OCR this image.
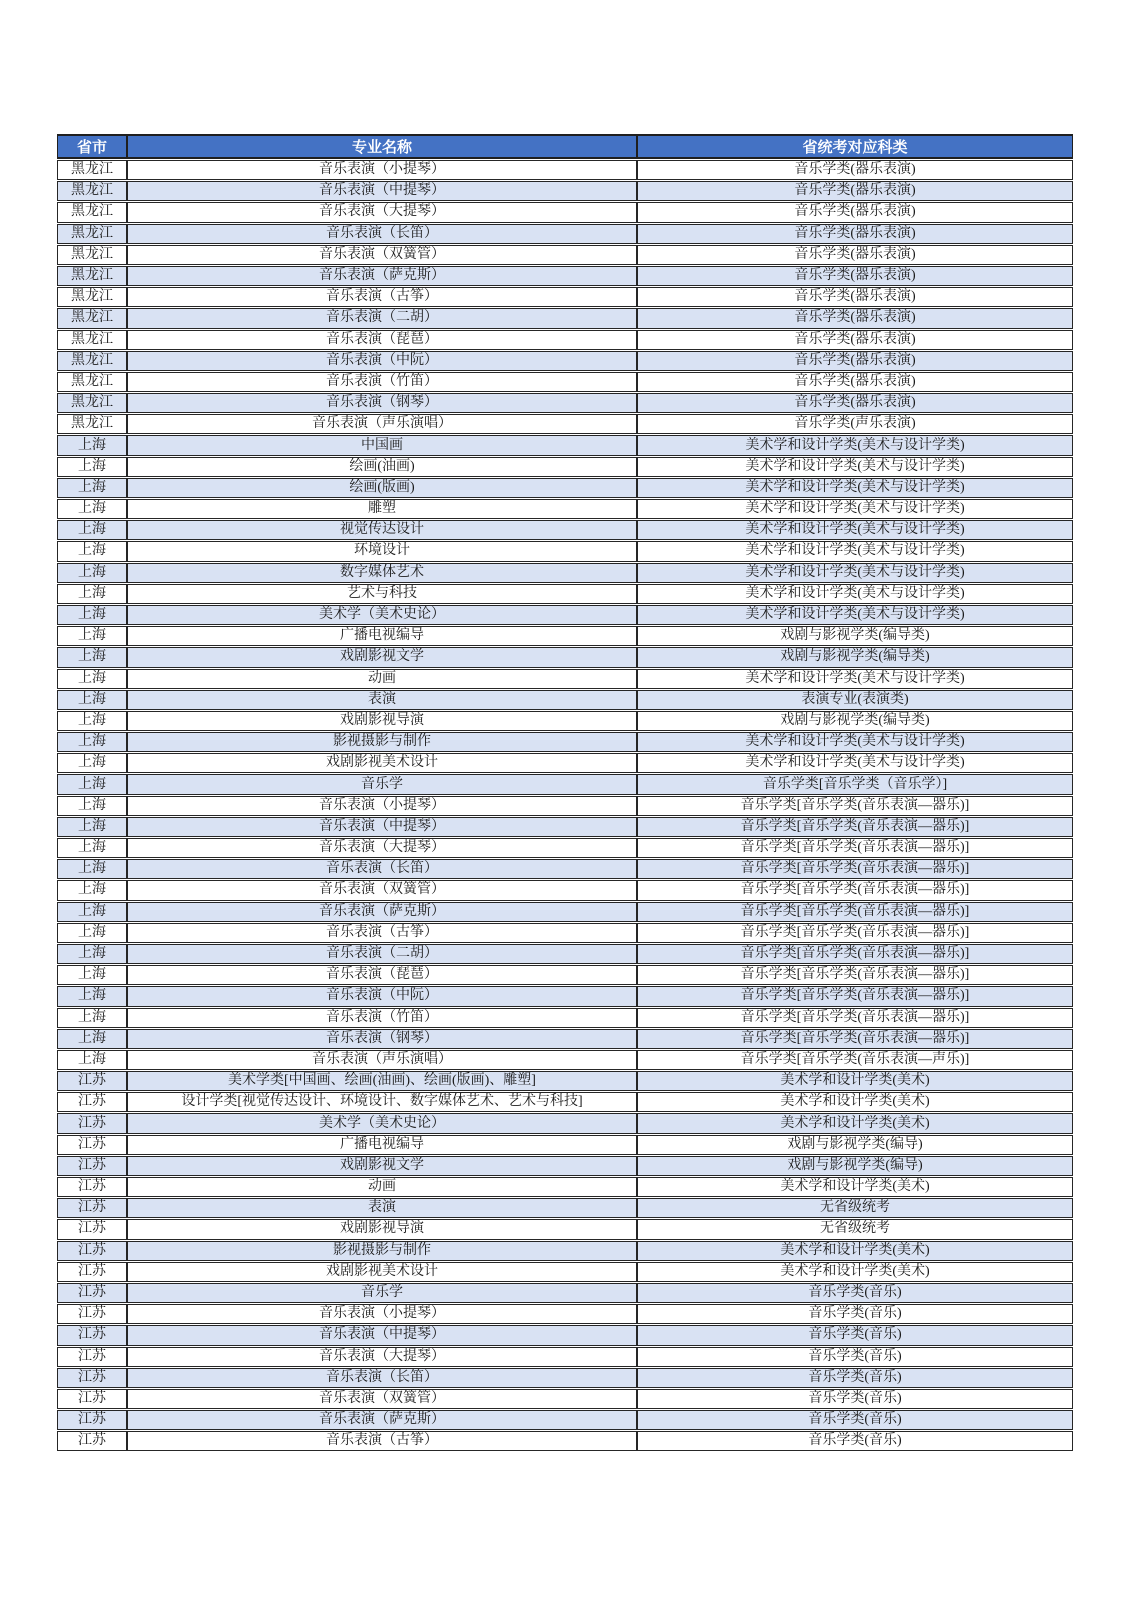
省市	专业名称	省统考对应科类
黑龙江	音乐表演（小提琴）	音乐学类(器乐表演)
黑龙江	音乐表演（中提琴）	音乐学类(器乐表演)
黑龙江	音乐表演（大提琴）	音乐学类(器乐表演)
黑龙江	音乐表演（长笛）	音乐学类(器乐表演)
黑龙江	音乐表演（双簧管）	音乐学类(器乐表演)
黑龙江	音乐表演（萨克斯）	音乐学类(器乐表演)
黑龙江	音乐表演（古筝）	音乐学类(器乐表演)
黑龙江	音乐表演（二胡）	音乐学类(器乐表演)
黑龙江	音乐表演（琵琶）	音乐学类(器乐表演)
黑龙江	音乐表演（中阮）	音乐学类(器乐表演)
黑龙江	音乐表演（竹笛）	音乐学类(器乐表演)
黑龙江	音乐表演（钢琴）	音乐学类(器乐表演)
黑龙江	音乐表演（声乐演唱）	音乐学类(声乐表演)
上海	中国画	美术学和设计学类(美术与设计学类)
上海	绘画(油画)	美术学和设计学类(美术与设计学类)
上海	绘画(版画)	美术学和设计学类(美术与设计学类)
上海	雕塑	美术学和设计学类(美术与设计学类)
上海	视觉传达设计	美术学和设计学类(美术与设计学类)
上海	环境设计	美术学和设计学类(美术与设计学类)
上海	数字媒体艺术	美术学和设计学类(美术与设计学类)
上海	艺术与科技	美术学和设计学类(美术与设计学类)
上海	美术学（美术史论）	美术学和设计学类(美术与设计学类)
上海	广播电视编导	戏剧与影视学类(编导类)
上海	戏剧影视文学	戏剧与影视学类(编导类)
上海	动画	美术学和设计学类(美术与设计学类)
上海	表演	表演专业(表演类)
上海	戏剧影视导演	戏剧与影视学类(编导类)
上海	影视摄影与制作	美术学和设计学类(美术与设计学类)
上海	戏剧影视美术设计	美术学和设计学类(美术与设计学类)
上海	音乐学	音乐学类[音乐学类（音乐学）]
上海	音乐表演（小提琴）	音乐学类[音乐学类(音乐表演—器乐)]
上海	音乐表演（中提琴）	音乐学类[音乐学类(音乐表演—器乐)]
上海	音乐表演（大提琴）	音乐学类[音乐学类(音乐表演—器乐)]
上海	音乐表演（长笛）	音乐学类[音乐学类(音乐表演—器乐)]
上海	音乐表演（双簧管）	音乐学类[音乐学类(音乐表演—器乐)]
上海	音乐表演（萨克斯）	音乐学类[音乐学类(音乐表演—器乐)]
上海	音乐表演（古筝）	音乐学类[音乐学类(音乐表演—器乐)]
上海	音乐表演（二胡）	音乐学类[音乐学类(音乐表演—器乐)]
上海	音乐表演（琵琶）	音乐学类[音乐学类(音乐表演—器乐)]
上海	音乐表演（中阮）	音乐学类[音乐学类(音乐表演—器乐)]
上海	音乐表演（竹笛）	音乐学类[音乐学类(音乐表演—器乐)]
上海	音乐表演（钢琴）	音乐学类[音乐学类(音乐表演—器乐)]
上海	音乐表演（声乐演唱）	音乐学类[音乐学类(音乐表演—声乐)]
江苏	美术学类[中国画、绘画(油画)、绘画(版画)、雕塑]	美术学和设计学类(美术)
江苏	设计学类[视觉传达设计、环境设计、数字媒体艺术、艺术与科技]	美术学和设计学类(美术)
江苏	美术学（美术史论）	美术学和设计学类(美术)
江苏	广播电视编导	戏剧与影视学类(编导)
江苏	戏剧影视文学	戏剧与影视学类(编导)
江苏	动画	美术学和设计学类(美术)
江苏	表演	无省级统考
江苏	戏剧影视导演	无省级统考
江苏	影视摄影与制作	美术学和设计学类(美术)
江苏	戏剧影视美术设计	美术学和设计学类(美术)
江苏	音乐学	音乐学类(音乐)
江苏	音乐表演（小提琴）	音乐学类(音乐)
江苏	音乐表演（中提琴）	音乐学类(音乐)
江苏	音乐表演（大提琴）	音乐学类(音乐)
江苏	音乐表演（长笛）	音乐学类(音乐)
江苏	音乐表演（双簧管）	音乐学类(音乐)
江苏	音乐表演（萨克斯）	音乐学类(音乐)
江苏	音乐表演（古筝）	音乐学类(音乐)
